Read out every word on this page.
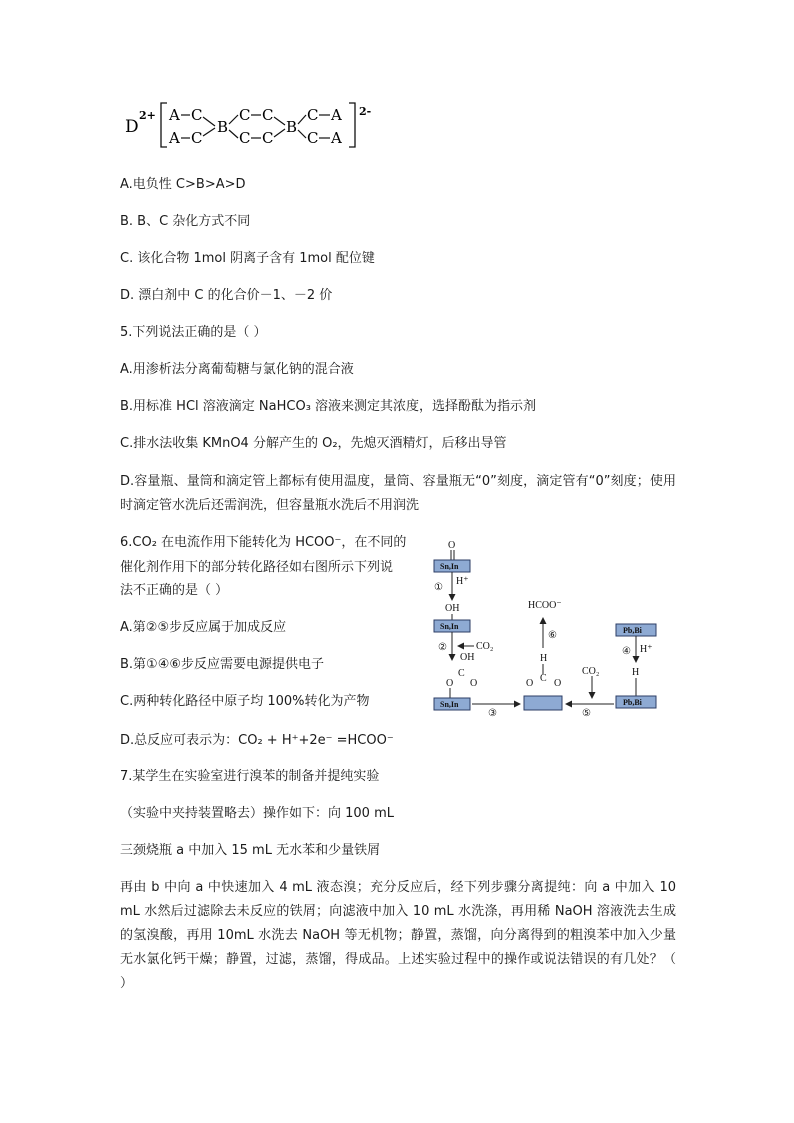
D
2+	2-
A C
A C
B
C C
C C
B
C A
C A
A.电负性 C>B>A>D
B. B、C 杂化方式不同
C. 该化合物 1mol 阴离子含有 1mol 配位键
D. 漂白剂中 C 的化合价－1、－2 价
5.下列说法正确的是（ ）
A.用渗析法分离葡萄糖与氯化钠的混合液
B.用标准 HCl 溶液滴定 NaHCO₃ 溶液来测定其浓度，选择酚酞为指示剂
C.排水法收集 KMnO4 分解产生的 O₂，先熄灭酒精灯，后移出导管
D.容量瓶、量筒和滴定管上都标有使用温度，量筒、容量瓶无“0”刻度，滴定管有“0”刻度；使用时滴定管水洗后还需润洗，但容量瓶水洗后不用润洗
6.CO₂ 在电流作用下能转化为 HCOO⁻，在不同的
催化剂作用下的部分转化路径如右图所示下列说
法不正确的是（ ）
A.第②⑤步反应属于加成反应
B.第①④⑥步反应需要电源提供电子
C.两种转化路径中原子均 100%转化为产物
D.总反应可表示为：CO₂ + H⁺+2e⁻ =HCOO⁻
O
Sn,In
①
H⁺
OH
Sn,In
②	CO₂
OH
C
O O
Sn,In
③
O O
C
H
⑥
HCOO⁻
Pb,Bi
④ H⁺
H
Pb,Bi
⑤
CO₂
7.某学生在实验室进行溴苯的制备并提纯实验
（实验中夹持装置略去）操作如下：向 100 mL
三颈烧瓶 a 中加入 15 mL 无水苯和少量铁屑
再由 b 中向 a 中快速加入 4 mL 液态溴；充分反应后，经下列步骤分离提纯：向 a 中加入 10 mL 水然后过滤除去未反应的铁屑；向滤液中加入 10 mL 水洗涤，再用稀 NaOH 溶液洗去生成的氢溴酸，再用 10mL 水洗去 NaOH 等无机物；静置，蒸馏，向分离得到的粗溴苯中加入少量无水氯化钙干燥；静置，过滤，蒸馏，得成品。上述实验过程中的操作或说法错误的有几处？（ ）
